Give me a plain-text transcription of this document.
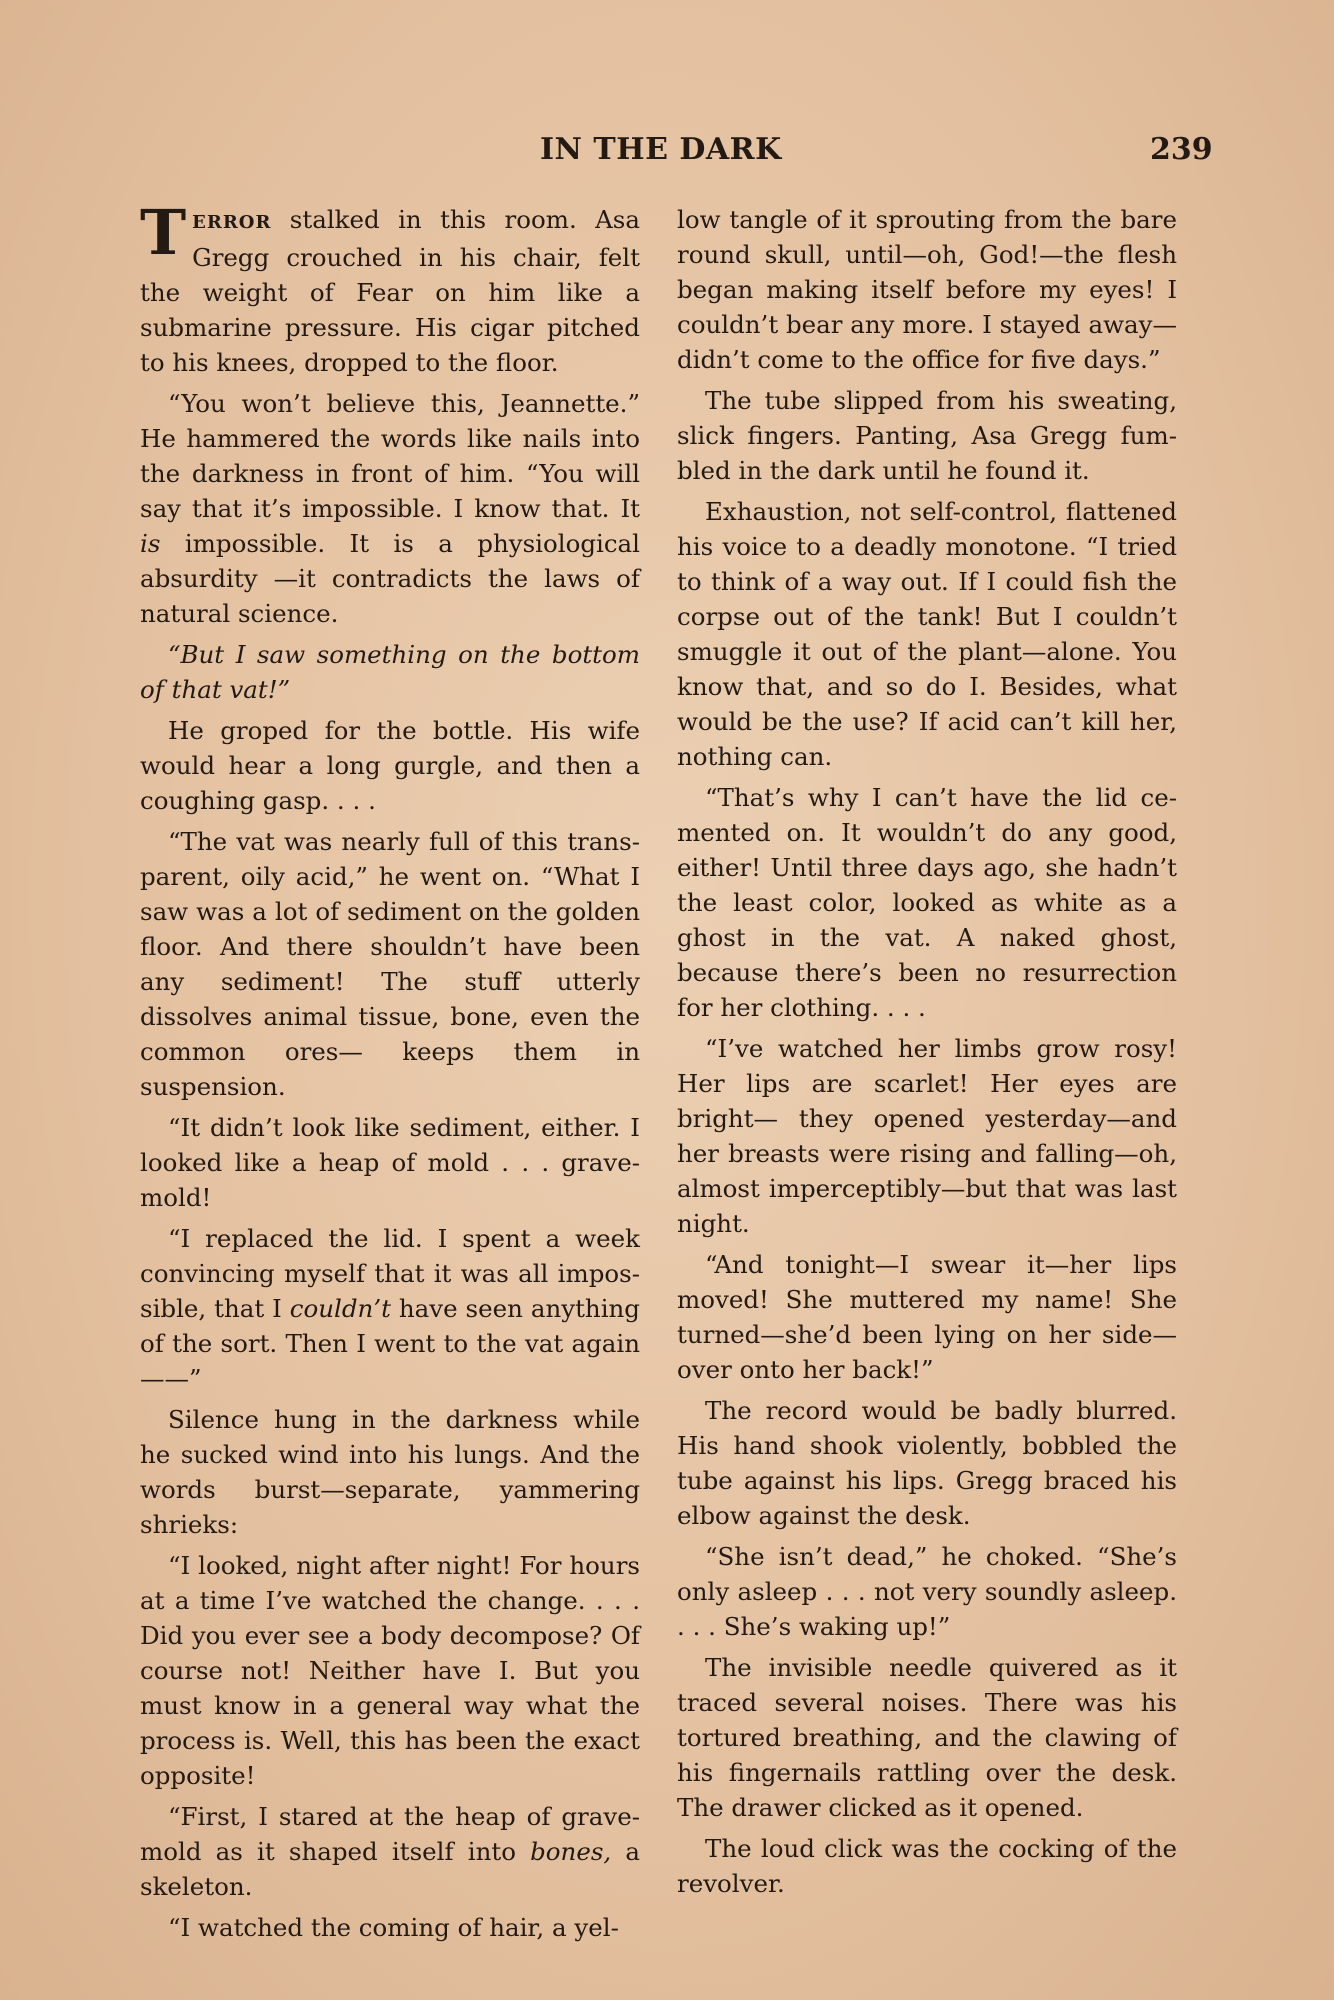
IN THE DARK	239

TERROR stalked in this room. Asa Gregg crouched in his chair, felt the weight of Fear on him like a submarine pressure. His cigar pitched to his knees, dropped to the floor.

“You won’t believe this, Jeannette.” He hammered the words like nails into the darkness in front of him. “You will say that it’s impossible. I know that. It is impossible. It is a physiological absurdity —it contradicts the laws of natural science.

“But I saw something on the bottom of that vat!”

He groped for the bottle. His wife would hear a long gurgle, and then a coughing gasp. . . .

“The vat was nearly full of this transparent, oily acid,” he went on. “What I saw was a lot of sediment on the golden floor. And there shouldn’t have been any sediment! The stuff utterly dissolves animal tissue, bone, even the common ores— keeps them in suspension.

“It didn’t look like sediment, either. I looked like a heap of mold . . . grave-mold!

“I replaced the lid. I spent a week convincing myself that it was all impossible, that I couldn’t have seen anything of the sort. Then I went to the vat again——”

Silence hung in the darkness while he sucked wind into his lungs. And the words burst—separate, yammering shrieks:

“I looked, night after night! For hours at a time I’ve watched the change. . . . Did you ever see a body decompose? Of course not! Neither have I. But you must know in a general way what the process is. Well, this has been the exact opposite!

“First, I stared at the heap of grave-mold as it shaped itself into bones, a skeleton.

“I watched the coming of hair, a yel-

low tangle of it sprouting from the bare round skull, until—oh, God!—the flesh began making itself before my eyes! I couldn’t bear any more. I stayed away— didn’t come to the office for five days.”

The tube slipped from his sweating, slick fingers. Panting, Asa Gregg fumbled in the dark until he found it.

Exhaustion, not self-control, flattened his voice to a deadly monotone. “I tried to think of a way out. If I could fish the corpse out of the tank! But I couldn’t smuggle it out of the plant—alone. You know that, and so do I. Besides, what would be the use? If acid can’t kill her, nothing can.

“That’s why I can’t have the lid cemented on. It wouldn’t do any good, either! Until three days ago, she hadn’t the least color, looked as white as a ghost in the vat. A naked ghost, because there’s been no resurrection for her clothing. . . .

“I’ve watched her limbs grow rosy! Her lips are scarlet! Her eyes are bright— they opened yesterday—and her breasts were rising and falling—oh, almost imperceptibly—but that was last night.

“And tonight—I swear it—her lips moved! She muttered my name! She turned—she’d been lying on her side— over onto her back!”

The record would be badly blurred. His hand shook violently, bobbled the tube against his lips. Gregg braced his elbow against the desk.

“She isn’t dead,” he choked. “She’s only asleep . . . not very soundly asleep. . . . She’s waking up!”

The invisible needle quivered as it traced several noises. There was his tortured breathing, and the clawing of his fingernails rattling over the desk. The drawer clicked as it opened.

The loud click was the cocking of the revolver.
